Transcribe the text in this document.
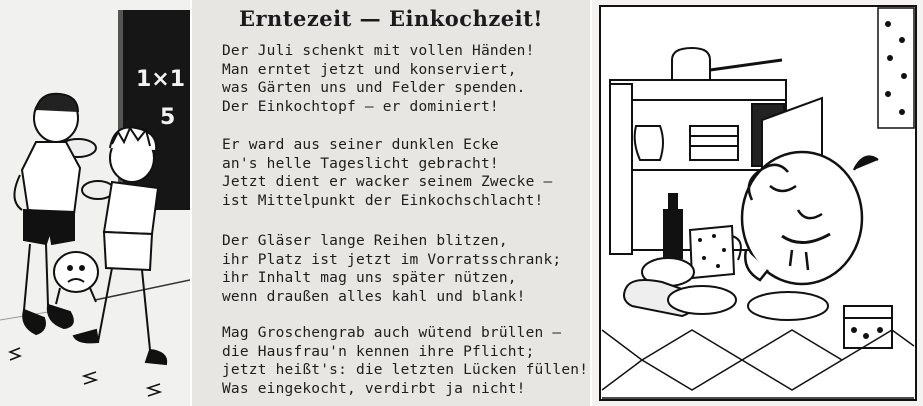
1×1
5
Erntezeit — Einkochzeit!
Der Juli schenkt mit vollen Händen!
Man erntet jetzt und konserviert,
was Gärten uns und Felder spenden.
Der Einkochtopf — er dominiert!
Er ward aus seiner dunklen Ecke
an's helle Tageslicht gebracht!
Jetzt dient er wacker seinem Zwecke —
ist Mittelpunkt der Einkochschlacht!
Der Gläser lange Reihen blitzen,
ihr Platz ist jetzt im Vorratsschrank;
ihr Inhalt mag uns später nützen,
wenn draußen alles kahl und blank!
Mag Groschengrab auch wütend brüllen —
die Hausfrau'n kennen ihre Pflicht;
jetzt heißt's: die letzten Lücken füllen!
Was eingekocht, verdirbt ja nicht!
